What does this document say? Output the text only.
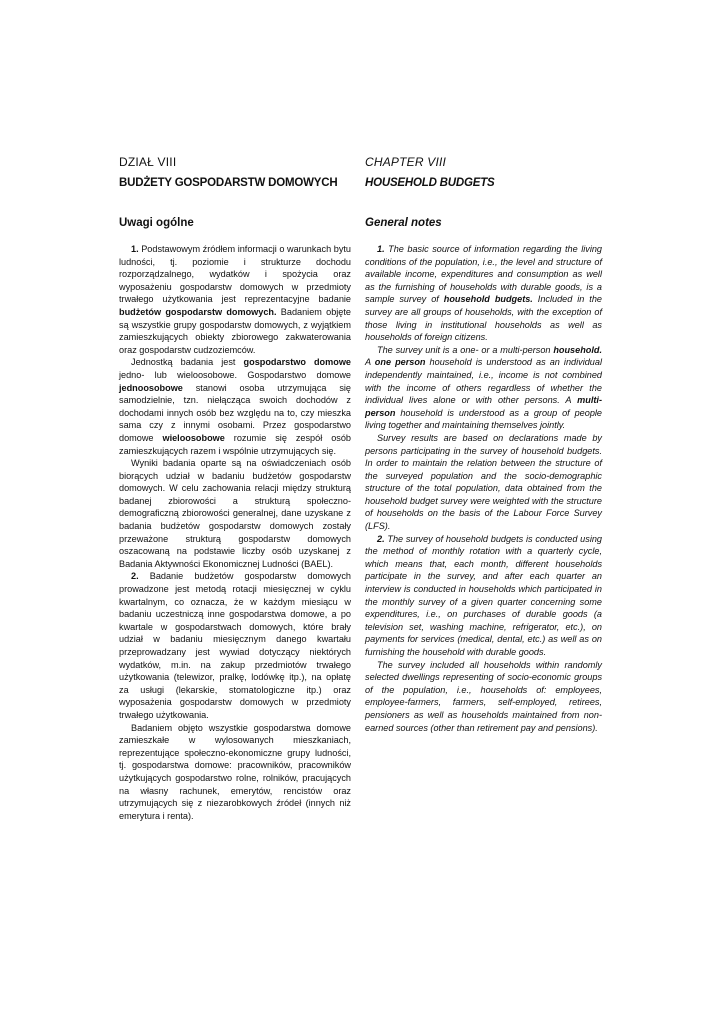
DZIAŁ VIII
BUDŻETY GOSPODARSTW DOMOWYCH
Uwagi ogólne

1. Podstawowym źródłem informacji o warunkach bytu ludności, tj. poziomie i strukturze dochodu rozporządzalnego, wydatków i spożycia oraz wyposażeniu gospodarstw domowych w przedmioty trwałego użytkowania jest reprezentacyjne badanie budżetów gospodarstw domowych. Badaniem objęte są wszystkie grupy gospodarstw domowych, z wyjątkiem zamieszkujących obiekty zbiorowego zakwaterowania oraz gospodarstw cudzoziemców.

Jednostką badania jest gospodarstwo domowe jedno- lub wieloosobowe. Gospodarstwo domowe jednoosobowe stanowi osoba utrzymująca się samodzielnie, tzn. niełącząca swoich dochodów z dochodami innych osób bez względu na to, czy mieszka sama czy z innymi osobami. Przez gospodarstwo domowe wieloosobowe rozumie się zespół osób zamieszkujących razem i wspólnie utrzymujących się.

Wyniki badania oparte są na oświadczeniach osób biorących udział w badaniu budżetów gospodarstw domowych. W celu zachowania relacji między strukturą badanej zbiorowości a strukturą społeczno-demograficzną zbiorowości generalnej, dane uzyskane z badania budżetów gospodarstw domowych zostały przeważone strukturą gospodarstw domowych oszacowaną na podstawie liczby osób uzyskanej z Badania Aktywności Ekonomicznej Ludności (BAEL).

2. Badanie budżetów gospodarstw domowych prowadzone jest metodą rotacji miesięcznej w cyklu kwartalnym, co oznacza, że w każdym miesiącu w badaniu uczestniczą inne gospodarstwa domowe, a po kwartale w gospodarstwach domowych, które brały udział w badaniu miesięcznym danego kwartału przeprowadzany jest wywiad dotyczący niektórych wydatków, m.in. na zakup przedmiotów trwałego użytkowania (telewizor, pralkę, lodówkę itp.), na opłatę za usługi (lekarskie, stomatologiczne itp.) oraz wyposażenia gospodarstw domowych w przedmioty trwałego użytkowania.

Badaniem objęto wszystkie gospodarstwa domowe zamieszkałe w wylosowanych mieszkaniach, reprezentujące społeczno-ekonomiczne grupy ludności, tj. gospodarstwa domowe: pracowników, pracowników użytkujących gospodarstwo rolne, rolników, pracujących na własny rachunek, emerytów, rencistów oraz utrzymujących się z niezarobkowych źródeł (innych niż emerytura i renta).

CHAPTER VIII
HOUSEHOLD BUDGETS
General notes

1. The basic source of information regarding the living conditions of the population, i.e., the level and structure of available income, expenditures and consumption as well as the furnishing of households with durable goods, is a sample survey of household budgets. Included in the survey are all groups of households, with the exception of those living in institutional households as well as households of foreign citizens.

The survey unit is a one- or a multi-person household. A one person household is understood as an individual independently maintained, i.e., income is not combined with the income of others regardless of whether the individual lives alone or with other persons. A multi-person household is understood as a group of people living together and maintaining themselves jointly.

Survey results are based on declarations made by persons participating in the survey of household budgets. In order to maintain the relation between the structure of the surveyed population and the socio-demographic structure of the total population, data obtained from the household budget survey were weighted with the structure of households on the basis of the Labour Force Survey (LFS).

2. The survey of household budgets is conducted using the method of monthly rotation with a quarterly cycle, which means that, each month, different households participate in the survey, and after each quarter an interview is conducted in households which participated in the monthly survey of a given quarter concerning some expenditures, i.e., on purchases of durable goods (a television set, washing machine, refrigerator, etc.), on payments for services (medical, dental, etc.) as well as on furnishing the household with durable goods.

The survey included all households within randomly selected dwellings representing of socio-economic groups of the population, i.e., households of: employees, employee-farmers, farmers, self-employed, retirees, pensioners as well as households maintained from non-earned sources (other than retirement pay and pensions).
